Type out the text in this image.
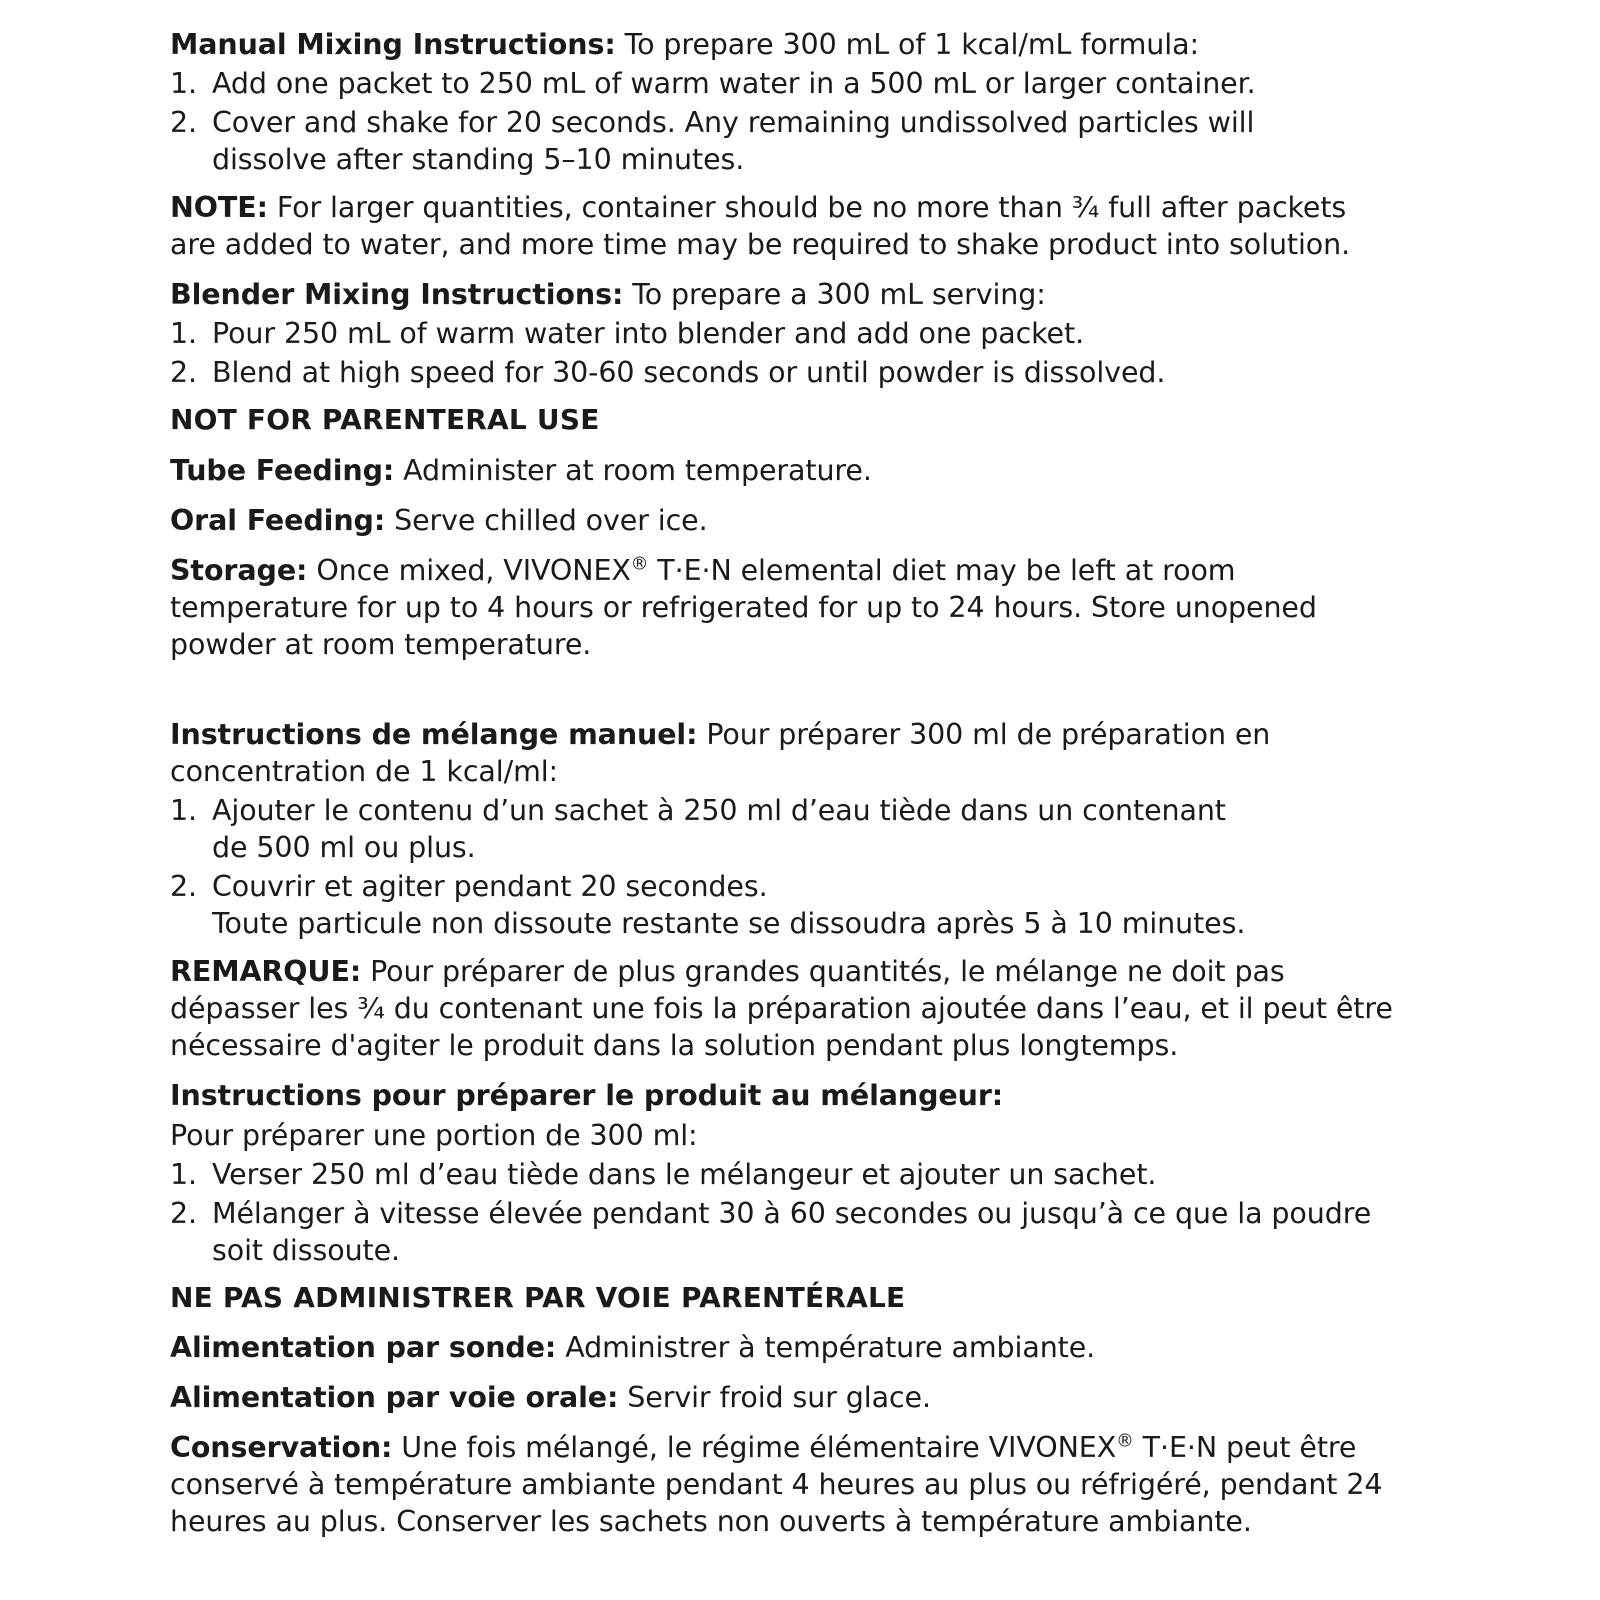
Manual Mixing Instructions: To prepare 300 mL of 1 kcal/mL formula:

1. Add one packet to 250 mL of warm water in a 500 mL or larger container.

2. Cover and shake for 20 seconds. Any remaining undissolved particles will
dissolve after standing 5–10 minutes.

NOTE: For larger quantities, container should be no more than ¾ full after packets are added to water, and more time may be required to shake product into solution.

Blender Mixing Instructions: To prepare a 300 mL serving:

1. Pour 250 mL of warm water into blender and add one packet.

2. Blend at high speed for 30-60 seconds or until powder is dissolved.

NOT FOR PARENTERAL USE

Tube Feeding: Administer at room temperature.

Oral Feeding: Serve chilled over ice.

Storage: Once mixed, VIVONEX® T·E·N elemental diet may be left at room temperature for up to 4 hours or refrigerated for up to 24 hours. Store unopened powder at room temperature.

Instructions de mélange manuel: Pour préparer 300 ml de préparation en concentration de 1 kcal/ml:

1. Ajouter le contenu d’un sachet à 250 ml d’eau tiède dans un contenant
de 500 ml ou plus.

2. Couvrir et agiter pendant 20 secondes.
Toute particule non dissoute restante se dissoudra après 5 à 10 minutes.

REMARQUE: Pour préparer de plus grandes quantités, le mélange ne doit pas dépasser les ¾ du contenant une fois la préparation ajoutée dans l’eau, et il peut être nécessaire d'agiter le produit dans la solution pendant plus longtemps.

Instructions pour préparer le produit au mélangeur:

Pour préparer une portion de 300 ml:

1. Verser 250 ml d’eau tiède dans le mélangeur et ajouter un sachet.

2. Mélanger à vitesse élevée pendant 30 à 60 secondes ou jusqu’à ce que la poudre
soit dissoute.

NE PAS ADMINISTRER PAR VOIE PARENTÉRALE

Alimentation par sonde: Administrer à température ambiante.

Alimentation par voie orale: Servir froid sur glace.

Conservation: Une fois mélangé, le régime élémentaire VIVONEX® T·E·N peut être conservé à température ambiante pendant 4 heures au plus ou réfrigéré, pendant 24 heures au plus. Conserver les sachets non ouverts à température ambiante.
